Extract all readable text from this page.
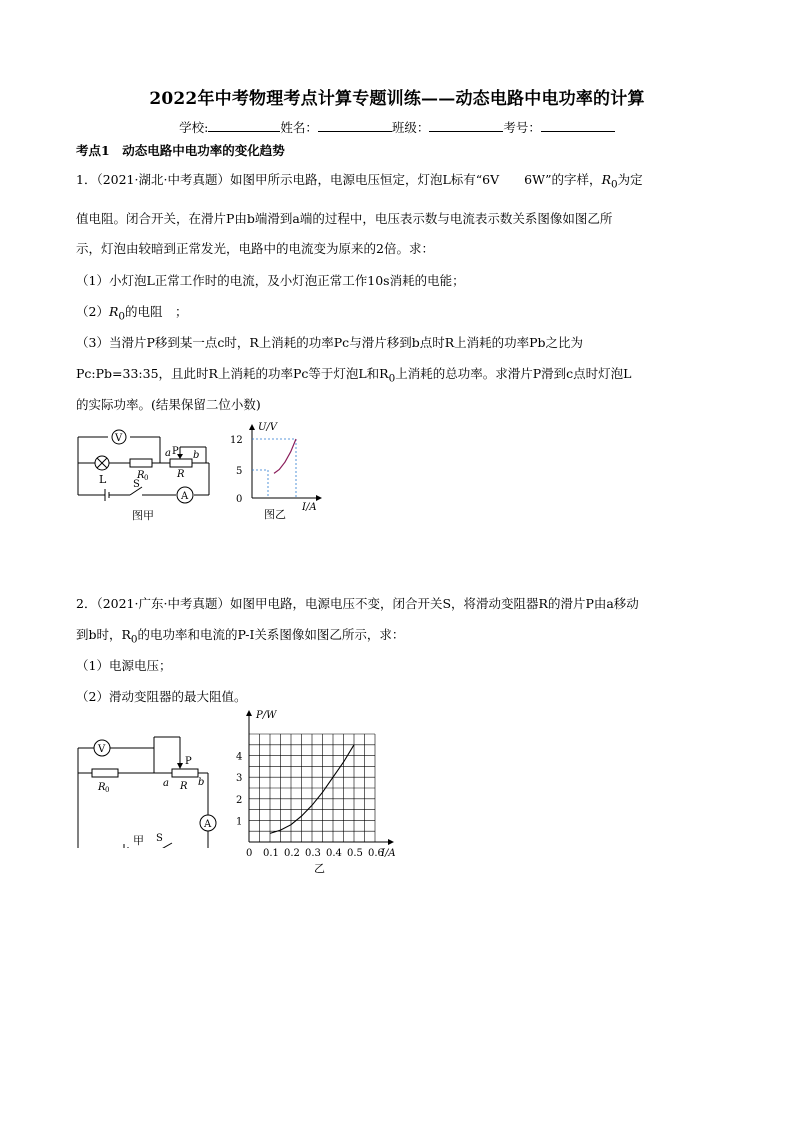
2022年中考物理考点计算专题训练——动态电路中电功率的计算
学校:	姓名：	班级：	考号：
考点1　动态电路中电功率的变化趋势
1．（2021·湖北·中考真题）如图甲所示电路，电源电压恒定，灯泡L标有“6V　　6W”的字样，$R_0$为定
值电阻。闭合开关，在滑片P由b端滑到a端的过程中，电压表示数与电流表示数关系图像如图乙所
示，灯泡由较暗到正常发光，电路中的电流变为原来的2倍。求：
（1）小灯泡L正常工作时的电流，及小灯泡正常工作10s消耗的电能；
$(2)R_0$的电阻　；
（3）当滑片P移到某一点c时，R上消耗的功率Pc与滑片移到b点时R上消耗的功率Pb之比为
Pc:Pb=33:35，且此时R上消耗的功率Pc等于灯泡L和$R_0$上消耗的总功率。求滑片P滑到c点时灯泡L
的实际功率。(结果保留二位小数)
V
L	R 0
a P b
R
S
A
图甲
U/V
12
5
0
I/A
图乙
2．（2021·广东·中考真题）如图甲电路，电源电压不变，闭合开关S，将滑动变阻器R的滑片P由a移动
到b时，$R_0$的电功率和电流的P-I关系图像如图乙所示，求：
（1）电源电压；
（2）滑动变阻器的最大阻值。
V
P
R 0
a R b
A
S
甲
0 0.1 0.2 0.3 0.4 0.5 0.6
1
2
3
4
P/W
I/A
乙
